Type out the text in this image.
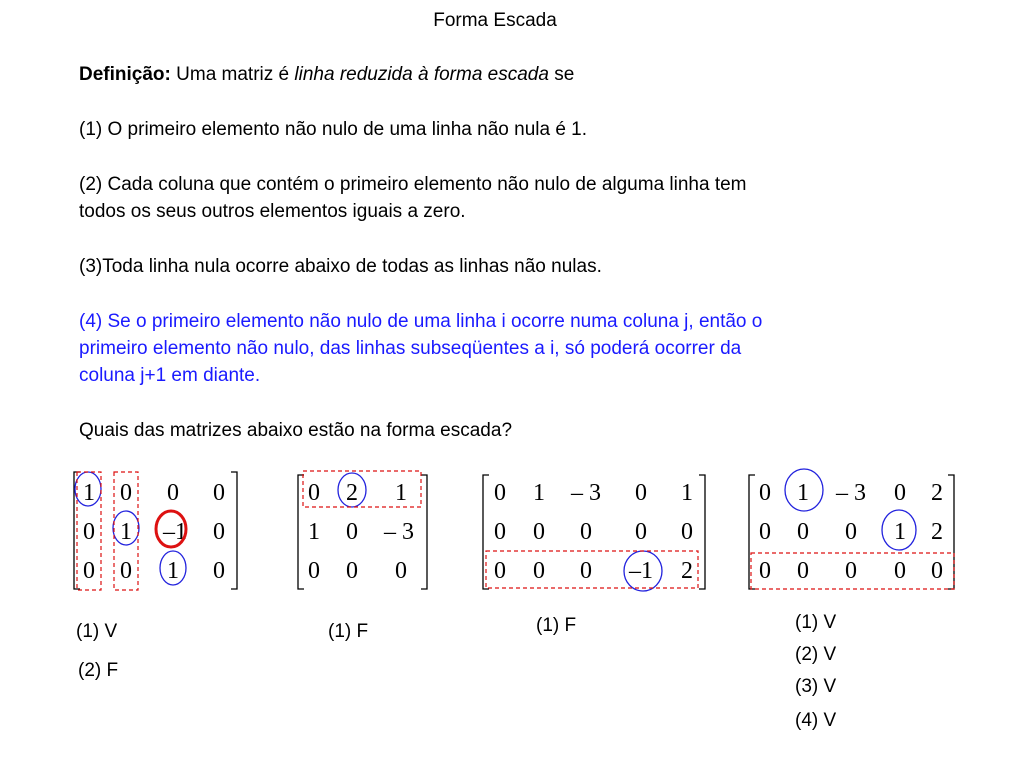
Forma Escada
Definição: Uma matriz é linha reduzida à forma escada se
(1) O primeiro elemento não nulo de uma linha não nula é 1.
(2) Cada coluna que contém o primeiro elemento não nulo de alguma linha tem
todos os seus outros elementos iguais a zero.
(3)Toda linha nula ocorre abaixo de todas as linhas não nulas.
(4) Se o primeiro elemento não nulo de uma linha i ocorre numa coluna j, então o
primeiro elemento não nulo, das linhas subseqüentes a i, só poderá ocorrer da
coluna j+1 em diante.
Quais das matrizes abaixo estão na forma escada?
1 0 0 0
0 1 –1 0
0 0 1 0
0 2 1
1 0 – 3
0 0 0
0 1 – 3 0 1
0 0 0 0 0
0 0 0 –1 2
0 1 – 3 0 2
0 0 0 1 2
0 0 0 0 0
(1) V
(2) F
(1) F	(1) F	(1) V
(2) V
(3) V
(4) V
